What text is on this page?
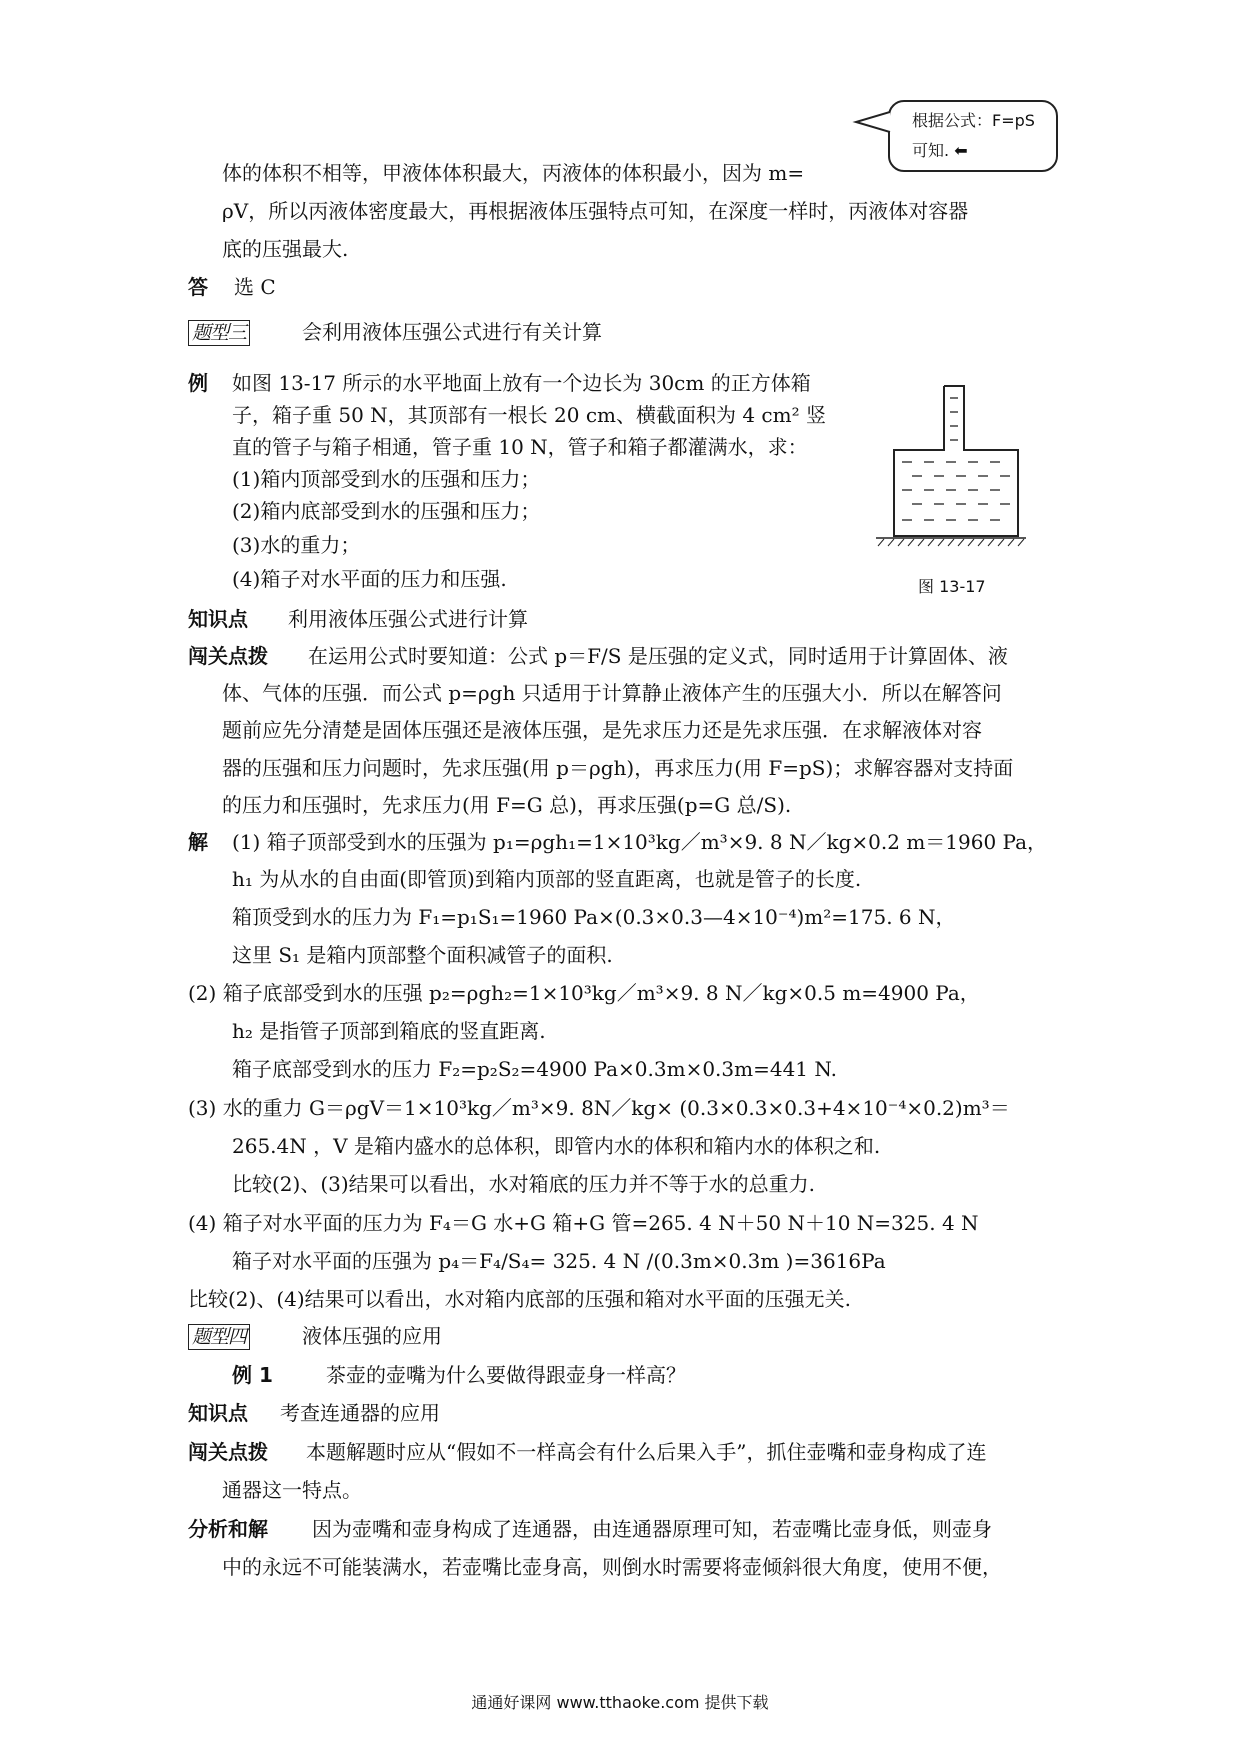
根据公式：F=pS
可知. ⬅
体的体积不相等，甲液体体积最大，丙液体的体积最小，因为 m=
ρV，所以丙液体密度最大，再根据液体压强特点可知，在深度一样时，丙液体对容器
底的压强最大.
答 选 C
题型三	会利用液体压强公式进行有关计算
例 如图 13-17 所示的水平地面上放有一个边长为 30cm 的正方体箱
子，箱子重 50 N，其顶部有一根长 20 cm、横截面积为 4 cm² 竖
直的管子与箱子相通，管子重 10 N，管子和箱子都灌满水，求：
(1)箱内顶部受到水的压强和压力；
(2)箱内底部受到水的压强和压力；
(3)水的重力；
(4)箱子对水平面的压力和压强.	图 13-17
知识点 利用液体压强公式进行计算
闯关点拨 在运用公式时要知道：公式 p＝F/S 是压强的定义式，同时适用于计算固体、液
体、气体的压强．而公式 p=ρgh 只适用于计算静止液体产生的压强大小．所以在解答问
题前应先分清楚是固体压强还是液体压强，是先求压力还是先求压强．在求解液体对容
器的压强和压力问题时，先求压强(用 p＝ρgh)，再求压力(用 F=pS)；求解容器对支持面
的压力和压强时，先求压力(用 F=G 总)，再求压强(p=G 总/S).
解 (1) 箱子顶部受到水的压强为 p₁=ρgh₁=1×10³kg／m³×9. 8 N／kg×0.2 m＝1960 Pa，
h₁ 为从水的自由面(即管顶)到箱内顶部的竖直距离，也就是管子的长度.
箱顶受到水的压力为 F₁=p₁S₁=1960 Pa×(0.3×0.3—4×10⁻⁴)m²=175. 6 N，
这里 S₁ 是箱内顶部整个面积减管子的面积.
(2) 箱子底部受到水的压强 p₂=ρgh₂=1×10³kg／m³×9. 8 N／kg×0.5 m=4900 Pa，
h₂ 是指管子顶部到箱底的竖直距离.
箱子底部受到水的压力 F₂=p₂S₂=4900 Pa×0.3m×0.3m=441 N.
(3) 水的重力 G＝ρgV＝1×10³kg／m³×9. 8N／kg× (0.3×0.3×0.3+4×10⁻⁴×0.2)m³＝
265.4N ，V 是箱内盛水的总体积，即管内水的体积和箱内水的体积之和.
比较(2)、(3)结果可以看出，水对箱底的压力并不等于水的总重力.
(4) 箱子对水平面的压力为 F₄＝G 水+G 箱+G 管=265. 4 N＋50 N＋10 N=325. 4 N
箱子对水平面的压强为 p₄＝F₄/S₄= 325. 4 N /(0.3m×0.3m )=3616Pa
比较(2)、(4)结果可以看出，水对箱内底部的压强和箱对水平面的压强无关.
题型四	液体压强的应用
例 1	茶壶的壶嘴为什么要做得跟壶身一样高？
知识点 考查连通器的应用
闯关点拨 本题解题时应从“假如不一样高会有什么后果入手”，抓住壶嘴和壶身构成了连
通器这一特点。
分析和解 因为壶嘴和壶身构成了连通器，由连通器原理可知，若壶嘴比壶身低，则壶身
中的永远不可能装满水，若壶嘴比壶身高，则倒水时需要将壶倾斜很大角度，使用不便，
通通好课网 www.tthaoke.com 提供下载
